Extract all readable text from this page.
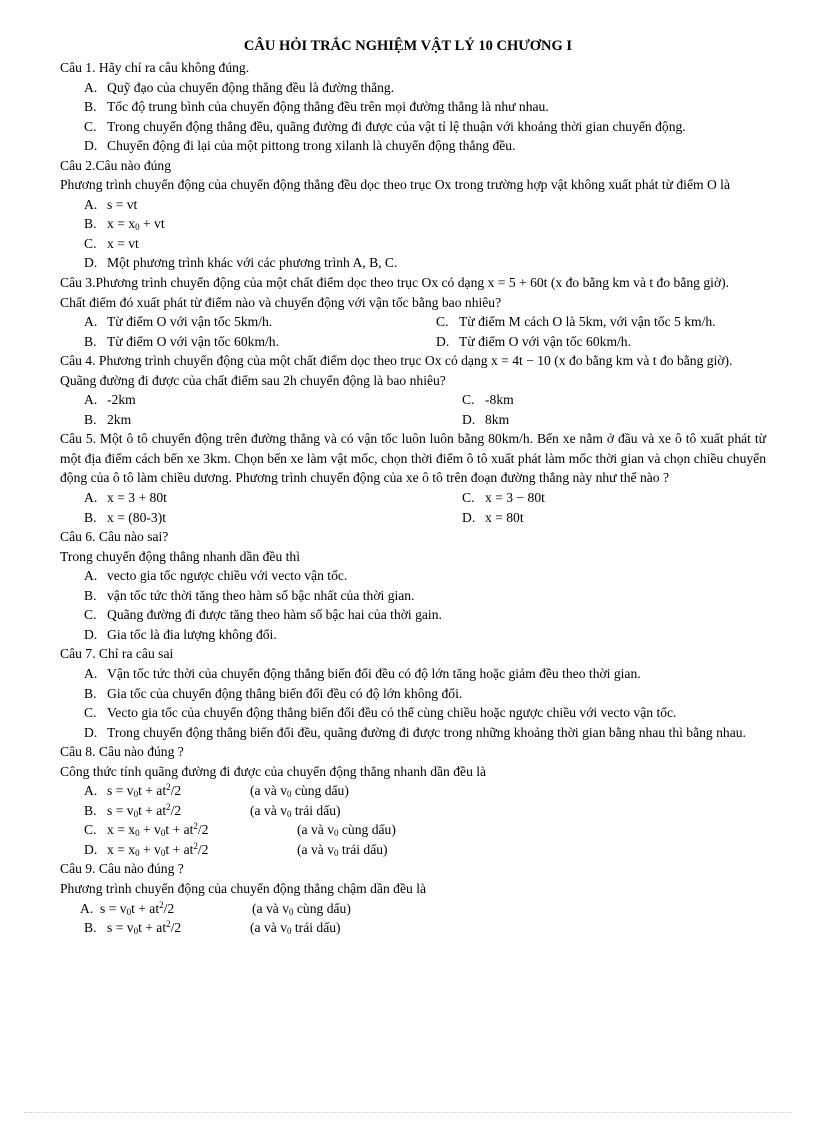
CÂU HỎI TRẮC NGHIỆM VẬT LÝ 10 CHƯƠNG I

Câu 1. Hãy chỉ ra câu không đúng.

A. Quỹ đạo của chuyển động thẳng đều là đường thẳng.
B. Tốc độ trung bình của chuyển động thẳng đều trên mọi đường thẳng là như nhau.
C. Trong chuyển động thẳng đều, quãng đường đi được của vật tỉ lệ thuận với khoảng thời gian chuyển động.
D. Chuyển động đi lại của một pittong trong xilanh là chuyển động thẳng đều.

Câu 2.Câu nào đúng

Phương trình chuyển động của chuyển động thẳng đều dọc theo trục Ox trong trường hợp vật không xuất phát từ điểm O là

A. s = vt
B. $x = x_0$ + vt
C. x = vt
D. Một phương trình khác với các phương trình A, B, C.

Câu 3.Phương trình chuyển động của một chất điểm dọc theo trục Ox có dạng x = 5 + 60t (x đo bằng km và t đo bằng giờ).

Chất điểm đó xuất phát từ điểm nào và chuyển động với vận tốc bằng bao nhiêu?

A. Từ điểm O với vận tốc 5km/h.	C. Từ điểm M cách O là 5km, với vận tốc 5 km/h.
B. Từ điểm O với vận tốc 60km/h.	D. Từ điểm O với vận tốc 60km/h.

Câu 4. Phương trình chuyển động của một chất điểm dọc theo trục Ox có dạng x = 4t − 10 (x đo bằng km và t đo bằng giờ).

Quãng đường đi được của chất điểm sau 2h chuyển động là bao nhiêu?

A. -2km	C. -8km
B. 2km	D. 8km

Câu 5. Một ô tô chuyển động trên đường thẳng và có vận tốc luôn luôn bằng 80km/h. Bến xe nằm ở đầu và xe ô tô xuất phát từ một địa điểm cách bến xe 3km. Chọn bến xe làm vật mốc, chọn thời điểm ô tô xuất phát làm mốc thời gian và chọn chiều chuyển động của ô tô làm chiều dương. Phương trình chuyển động của xe ô tô trên đoạn đường thẳng này như thế nào ?

A. x = 3 + 80t	C. x = 3 − 80t
B. x = (80-3)t	D. x = 80t

Câu 6. Câu nào sai?

Trong chuyển động thẳng nhanh dần đều thì

A. vecto gia tốc ngược chiều với vecto vận tốc.
B. vận tốc tức thời tăng theo hàm số bậc nhất của thời gian.
C. Quãng đường đi được tăng theo hàm số bậc hai của thời gain.
D. Gia tốc là đia lượng không đổi.

Câu 7. Chỉ ra câu sai

A. Vận tốc tức thời của chuyển động thẳng biến đổi đều có độ lớn tăng hoặc giảm đều theo thời gian.
B. Gia tốc của chuyển động thẳng biến đổi đều có độ lớn không đổi.
C. Vecto gia tốc của chuyển động thẳng biến đổi đều có thể cùng chiều hoặc ngược chiều với vecto vận tốc.
D. Trong chuyển động thẳng biến đổi đều, quãng đường đi được trong những khoảng thời gian bằng nhau thì bằng nhau.

Câu 8. Câu nào đúng ?

Công thức tính quãng đường đi được của chuyển động thẳng nhanh dần đều là

A. $s = v_0t + at^2/2$	(a và $v_0$ cùng dấu)
B. $s = v_0t + at^2/2$	(a và $v_0$ trái dấu)
C. $x = x_0 + v_0t + at^2/2$	(a và $v_0$ cùng dấu)
D. $x = x_0 + v_0t + at^2/2$	(a và $v_0$ trái dấu)

Câu 9. Câu nào đúng ?

Phương trình chuyển động của chuyển động thẳng chậm dần đều là

A. $s = v_0t + at^2/2$	(a và $v_0$ cùng dấu)
B. $s = v_0t + at^2/2$	(a và $v_0$ trái dấu)
